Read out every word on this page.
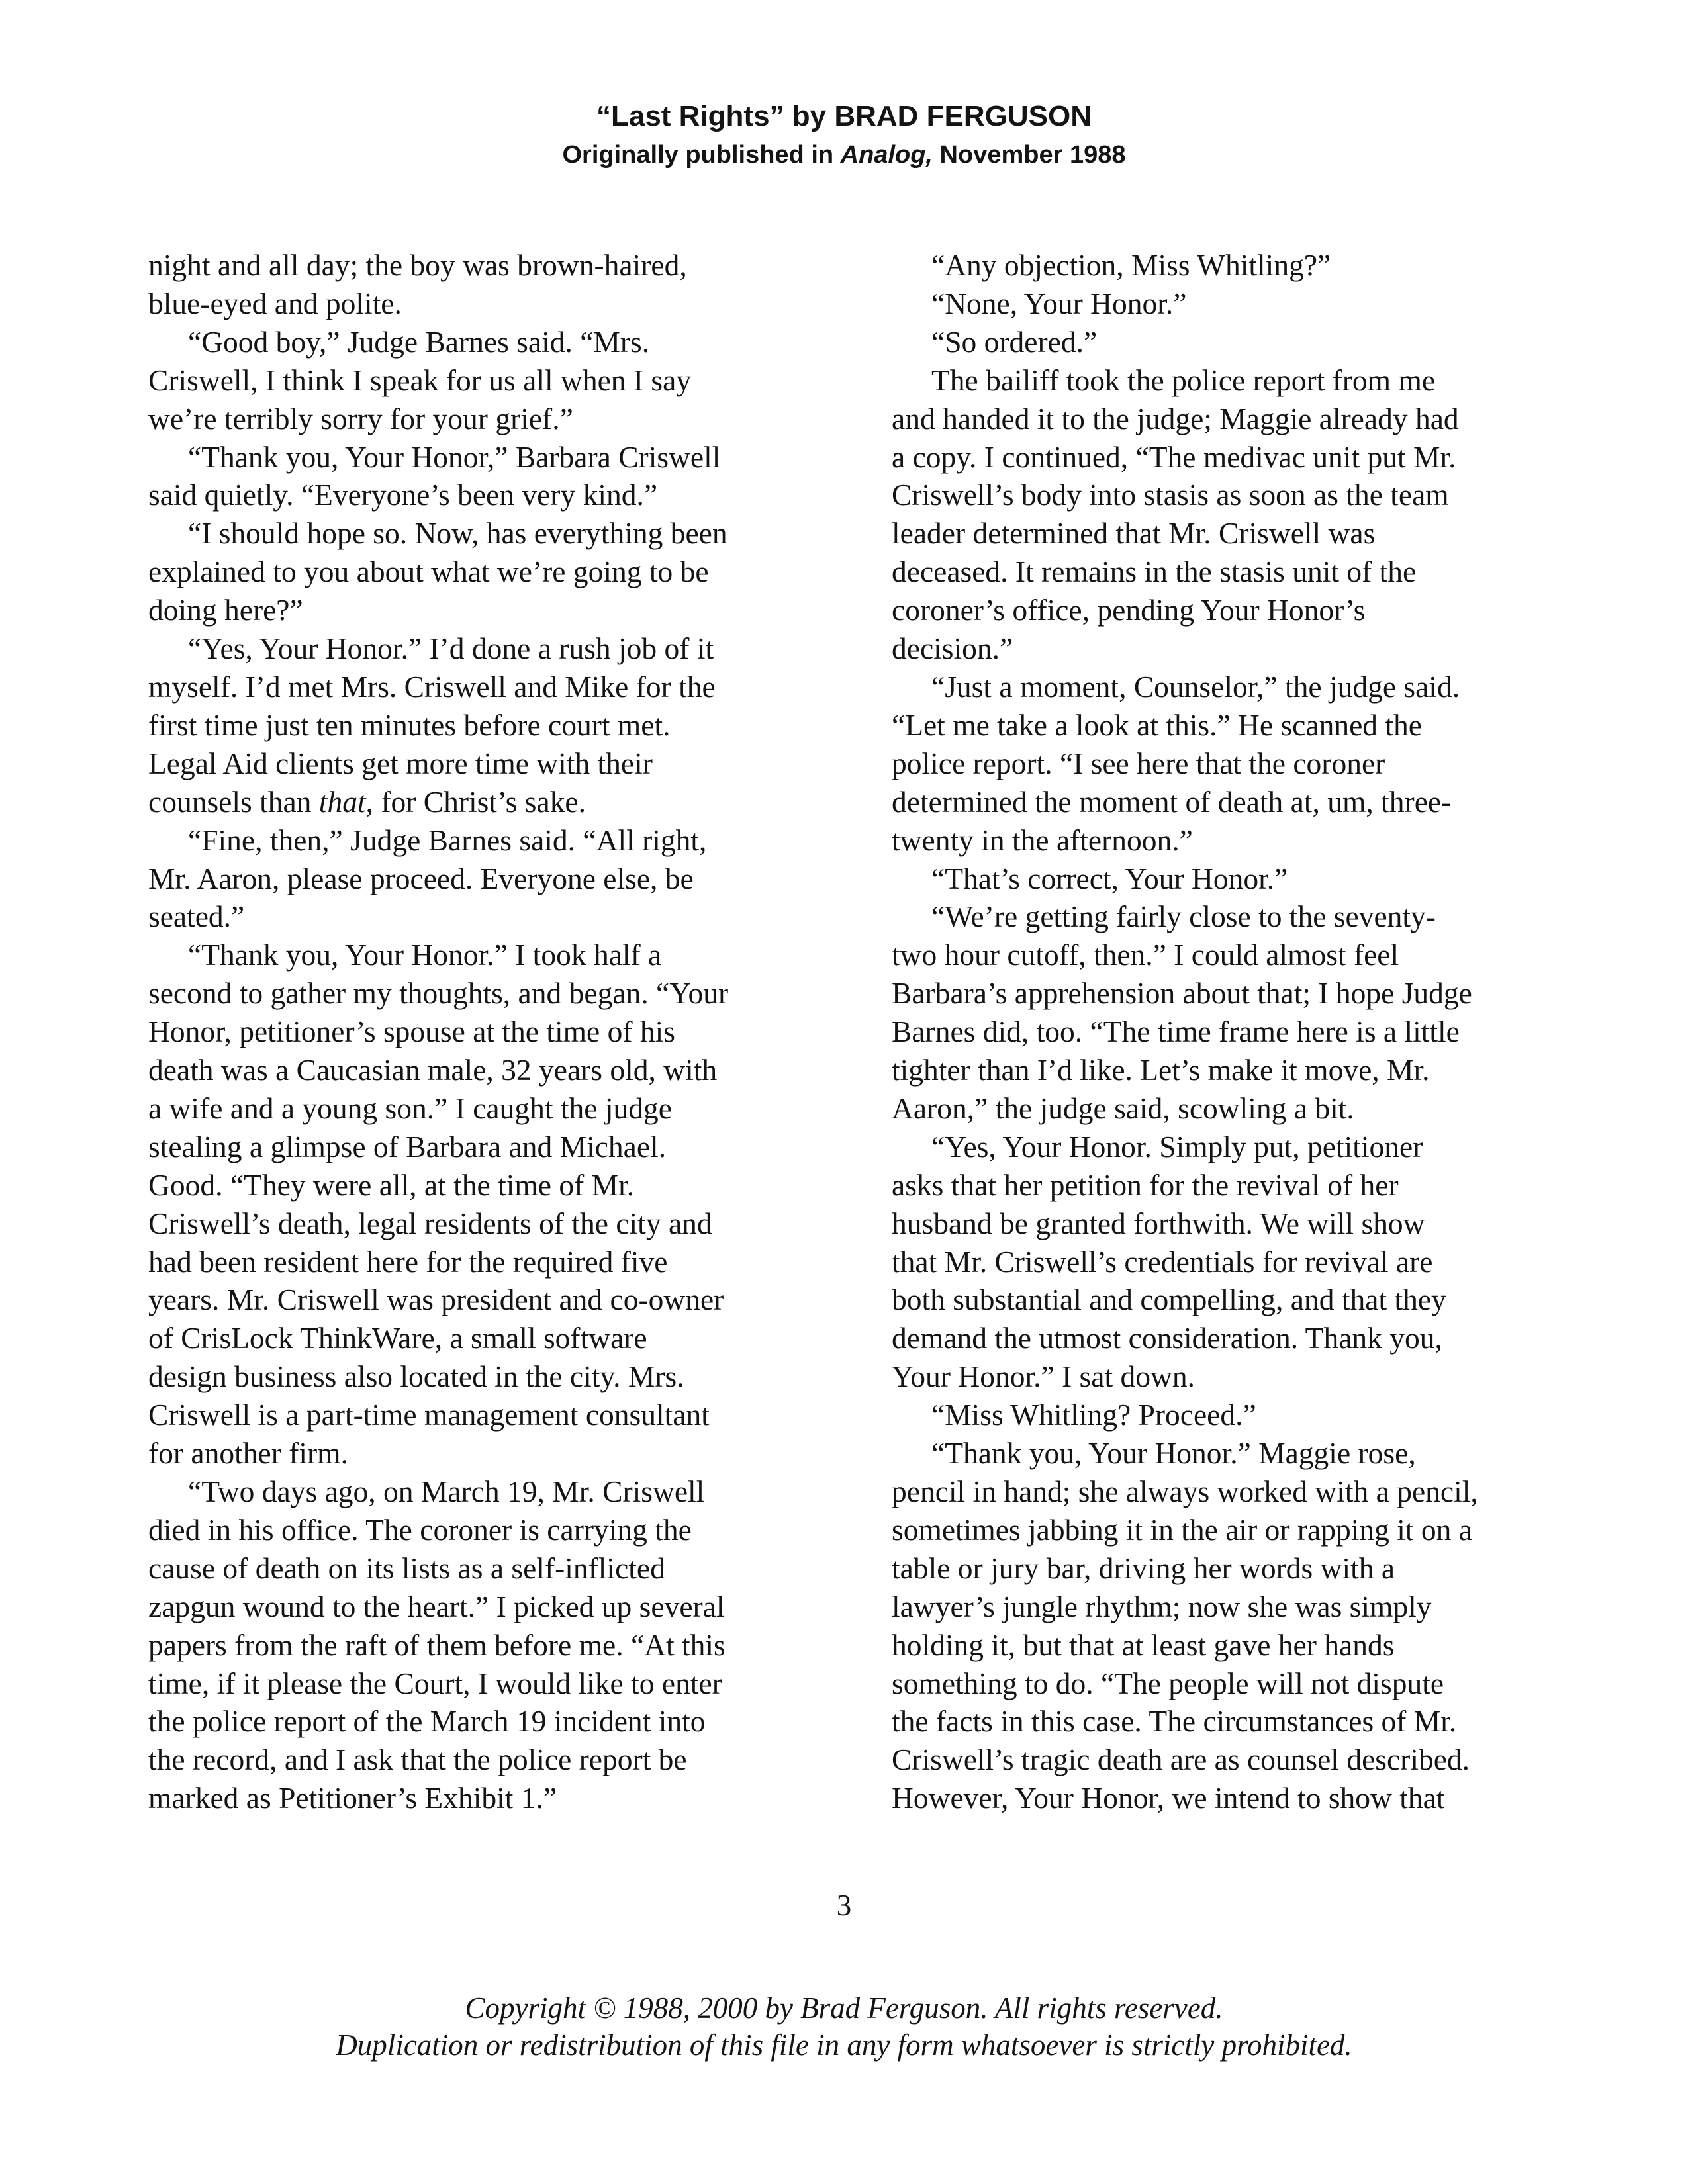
“Last Rights” by BRAD FERGUSON
Originally published in Analog, November 1988

night and all day; the boy was brown-haired,
blue-eyed and polite.

“Good boy,” Judge Barnes said. “Mrs.
Criswell, I think I speak for us all when I say
we’re terribly sorry for your grief.”

“Thank you, Your Honor,” Barbara Criswell
said quietly. “Everyone’s been very kind.”

“I should hope so. Now, has everything been
explained to you about what we’re going to be
doing here?”

“Yes, Your Honor.” I’d done a rush job of it
myself. I’d met Mrs. Criswell and Mike for the
first time just ten minutes before court met.
Legal Aid clients get more time with their
counsels than that, for Christ’s sake.

“Fine, then,” Judge Barnes said. “All right,
Mr. Aaron, please proceed. Everyone else, be
seated.”

“Thank you, Your Honor.” I took half a
second to gather my thoughts, and began. “Your
Honor, petitioner’s spouse at the time of his
death was a Caucasian male, 32 years old, with
a wife and a young son.” I caught the judge
stealing a glimpse of Barbara and Michael.
Good. “They were all, at the time of Mr.
Criswell’s death, legal residents of the city and
had been resident here for the required five
years. Mr. Criswell was president and co-owner
of CrisLock ThinkWare, a small software
design business also located in the city. Mrs.
Criswell is a part-time management consultant
for another firm.

“Two days ago, on March 19, Mr. Criswell
died in his office. The coroner is carrying the
cause of death on its lists as a self-inflicted
zapgun wound to the heart.” I picked up several
papers from the raft of them before me. “At this
time, if it please the Court, I would like to enter
the police report of the March 19 incident into
the record, and I ask that the police report be
marked as Petitioner’s Exhibit 1.”

“Any objection, Miss Whitling?”

“None, Your Honor.”

“So ordered.”

The bailiff took the police report from me
and handed it to the judge; Maggie already had
a copy. I continued, “The medivac unit put Mr.
Criswell’s body into stasis as soon as the team
leader determined that Mr. Criswell was
deceased. It remains in the stasis unit of the
coroner’s office, pending Your Honor’s
decision.”

“Just a moment, Counselor,” the judge said.
“Let me take a look at this.” He scanned the
police report. “I see here that the coroner
determined the moment of death at, um, three-
twenty in the afternoon.”

“That’s correct, Your Honor.”

“We’re getting fairly close to the seventy-
two hour cutoff, then.” I could almost feel
Barbara’s apprehension about that; I hope Judge
Barnes did, too. “The time frame here is a little
tighter than I’d like. Let’s make it move, Mr.
Aaron,” the judge said, scowling a bit.

“Yes, Your Honor. Simply put, petitioner
asks that her petition for the revival of her
husband be granted forthwith. We will show
that Mr. Criswell’s credentials for revival are
both substantial and compelling, and that they
demand the utmost consideration. Thank you,
Your Honor.” I sat down.

“Miss Whitling? Proceed.”

“Thank you, Your Honor.” Maggie rose,
pencil in hand; she always worked with a pencil,
sometimes jabbing it in the air or rapping it on a
table or jury bar, driving her words with a
lawyer’s jungle rhythm; now she was simply
holding it, but that at least gave her hands
something to do. “The people will not dispute
the facts in this case. The circumstances of Mr.
Criswell’s tragic death are as counsel described.
However, Your Honor, we intend to show that

3
Copyright © 1988, 2000 by Brad Ferguson. All rights reserved.
Duplication or redistribution of this file in any form whatsoever is strictly prohibited.
